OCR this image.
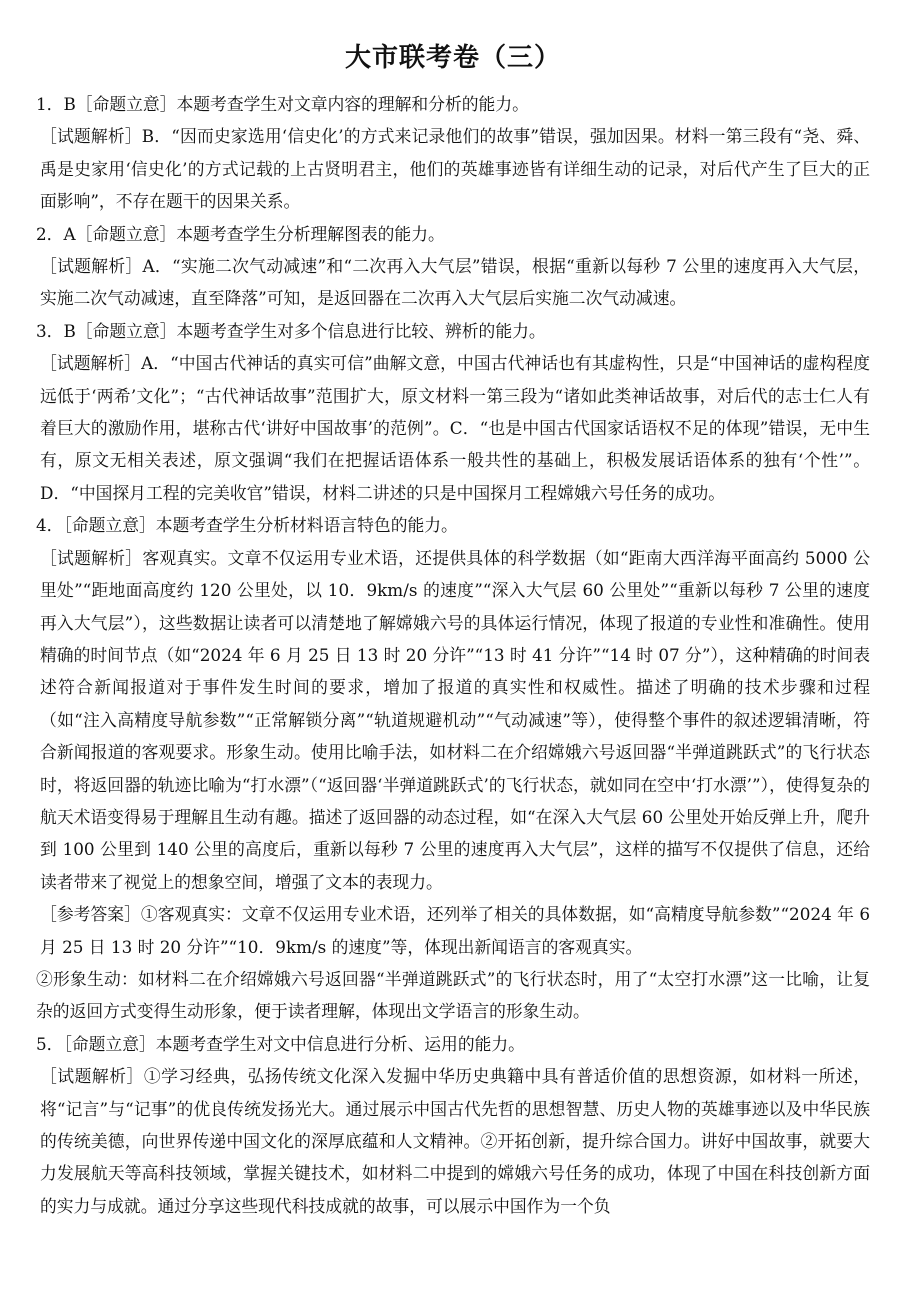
大市联考卷（三）

1．B［命题立意］本题考查学生对文章内容的理解和分析的能力。

［试题解析］B．“因而史家选用‘信史化’的方式来记录他们的故事”错误，强加因果。材料一第三段有“尧、舜、禹是史家用‘信史化’的方式记载的上古贤明君主，他们的英雄事迹皆有详细生动的记录，对后代产生了巨大的正面影响”，不存在题干的因果关系。

2．A［命题立意］本题考查学生分析理解图表的能力。

［试题解析］A．“实施二次气动减速”和“二次再入大气层”错误，根据“重新以每秒 7 公里的速度再入大气层，实施二次气动减速，直至降落”可知，是返回器在二次再入大气层后实施二次气动减速。

3．B［命题立意］本题考查学生对多个信息进行比较、辨析的能力。

［试题解析］A．“中国古代神话的真实可信”曲解文意，中国古代神话也有其虚构性，只是“中国神话的虚构程度远低于‘两希’文化”；“古代神话故事”范围扩大，原文材料一第三段为“诸如此类神话故事，对后代的志士仁人有着巨大的激励作用，堪称古代‘讲好中国故事’的范例”。C．“也是中国古代国家话语权不足的体现”错误，无中生有，原文无相关表述，原文强调“我们在把握话语体系一般共性的基础上，积极发展话语体系的独有‘个性’”。D．“中国探月工程的完美收官”错误，材料二讲述的只是中国探月工程嫦娥六号任务的成功。

4．［命题立意］本题考查学生分析材料语言特色的能力。

［试题解析］客观真实。文章不仅运用专业术语，还提供具体的科学数据（如“距南大西洋海平面高约 5000 公里处”“距地面高度约 120 公里处，以 10．9km/s 的速度”“深入大气层 60 公里处”“重新以每秒 7 公里的速度再入大气层”），这些数据让读者可以清楚地了解嫦娥六号的具体运行情况，体现了报道的专业性和准确性。使用精确的时间节点（如“2024 年 6 月 25 日 13 时 20 分许”“13 时 41 分许”“14 时 07 分”），这种精确的时间表述符合新闻报道对于事件发生时间的要求，增加了报道的真实性和权威性。描述了明确的技术步骤和过程（如“注入高精度导航参数”“正常解锁分离”“轨道规避机动”“气动减速”等），使得整个事件的叙述逻辑清晰，符合新闻报道的客观要求。形象生动。使用比喻手法，如材料二在介绍嫦娥六号返回器“半弹道跳跃式”的飞行状态时，将返回器的轨迹比喻为“打水漂”（“返回器‘半弹道跳跃式’的飞行状态，就如同在空中‘打水漂’”），使得复杂的航天术语变得易于理解且生动有趣。描述了返回器的动态过程，如“在深入大气层 60 公里处开始反弹上升，爬升到 100 公里到 140 公里的高度后，重新以每秒 7 公里的速度再入大气层”，这样的描写不仅提供了信息，还给读者带来了视觉上的想象空间，增强了文本的表现力。

［参考答案］①客观真实：文章不仅运用专业术语，还列举了相关的具体数据，如“高精度导航参数”“2024 年 6 月 25 日 13 时 20 分许”“10．9km/s 的速度”等，体现出新闻语言的客观真实。

②形象生动：如材料二在介绍嫦娥六号返回器“半弹道跳跃式”的飞行状态时，用了“太空打水漂”这一比喻，让复杂的返回方式变得生动形象，便于读者理解，体现出文学语言的形象生动。

5．［命题立意］本题考查学生对文中信息进行分析、运用的能力。

［试题解析］①学习经典，弘扬传统文化深入发掘中华历史典籍中具有普适价值的思想资源，如材料一所述，将“记言”与“记事”的优良传统发扬光大。通过展示中国古代先哲的思想智慧、历史人物的英雄事迹以及中华民族的传统美德，向世界传递中国文化的深厚底蕴和人文精神。②开拓创新，提升综合国力。讲好中国故事，就要大力发展航天等高科技领域，掌握关键技术，如材料二中提到的嫦娥六号任务的成功，体现了中国在科技创新方面的实力与成就。通过分享这些现代科技成就的故事，可以展示中国作为一个负
